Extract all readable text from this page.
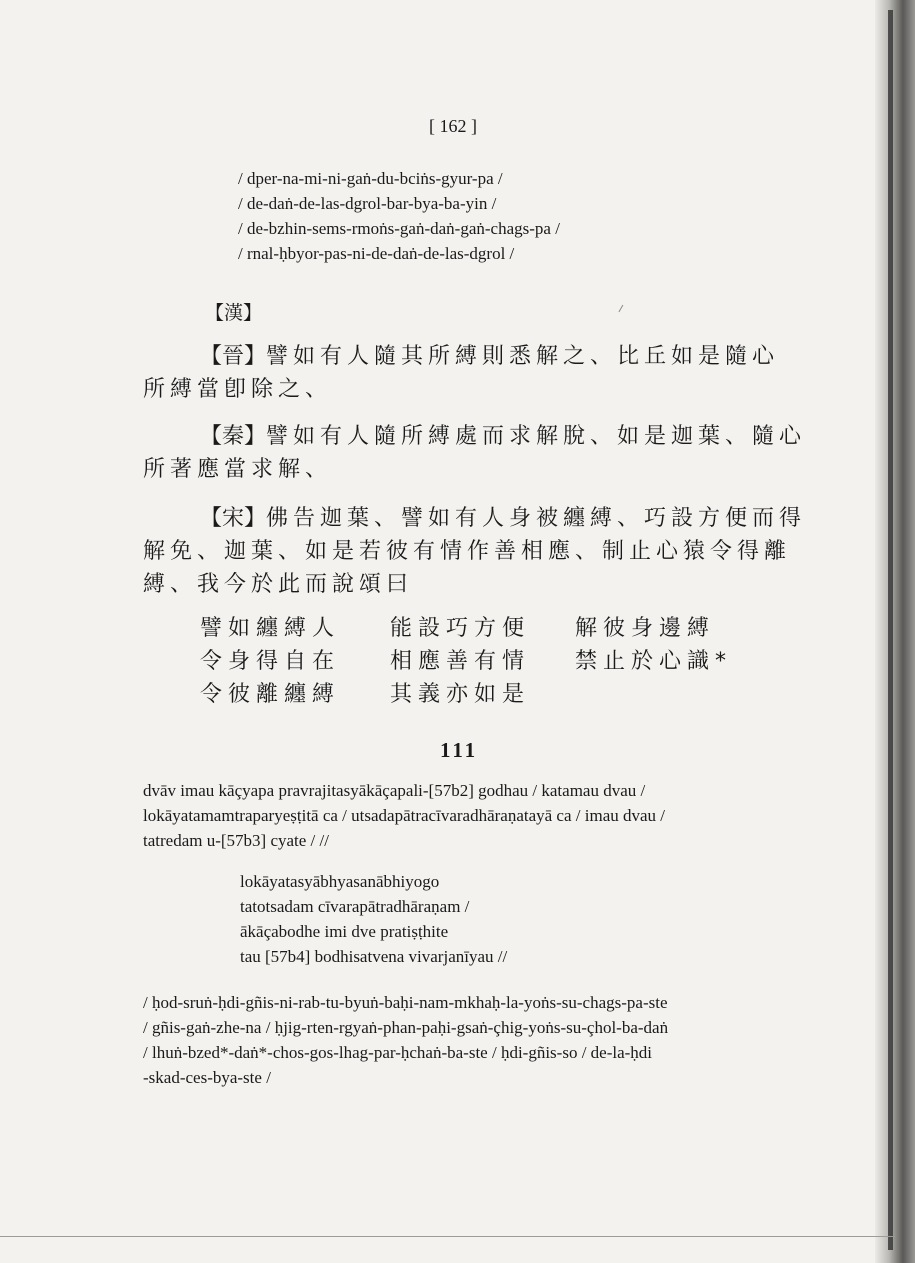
[ 162 ]
/ dper-na-mi-ni-gaṅ-du-bciṅs-gyur-pa /
/ de-daṅ-de-las-dgrol-bar-bya-ba-yin /
/ de-bzhin-sems-rmoṅs-gaṅ-daṅ-gaṅ-chags-pa /
/ rnal-ḥbyor-pas-ni-de-daṅ-de-las-dgrol /
【漢】
【晉】譬如有人隨其所縛則悉解之、比丘如是隨心
所縛當卽除之、
【秦】譬如有人隨所縛處而求解脫、如是迦葉、隨心
所著應當求解、
【宋】佛告迦葉、譬如有人身被纏縛、巧設方便而得
解免、迦葉、如是若彼有情作善相應、制止心猿令得離
縛、我今於此而說頌曰
譬如纏縛人	能設巧方便	解彼身邊縛
令身得自在	相應善有情	禁止於心識*
令彼離纏縛	其義亦如是
111
dvāv imau kāçyapa pravrajitasyākāçapali-[57b2] godhau / katamau dvau /
lokāyatamamtraparyeṣṭitā ca / utsadapātracīvaradhāraṇatayā ca / imau dvau /
tatredam u-[57b3] cyate / //
lokāyatasyābhyasanābhiyogo
tatotsadam cīvarapātradhāraṇam /
ākāçabodhe imi dve pratiṣṭhite
tau [57b4] bodhisatvena vivarjanīyau //
/ ḥod-sruṅ-ḥdi-gñis-ni-rab-tu-byuṅ-baḥi-nam-mkhaḥ-la-yoṅs-su-chags-pa-ste
/ gñis-gaṅ-zhe-na / ḥjig-rten-rgyaṅ-phan-paḥi-gsaṅ-çhig-yoṅs-su-çhol-ba-daṅ
/ lhuṅ-bzed*-daṅ*-chos-gos-lhag-par-ḥchaṅ-ba-ste / ḥdi-gñis-so / de-la-ḥdi
-skad-ces-bya-ste /
